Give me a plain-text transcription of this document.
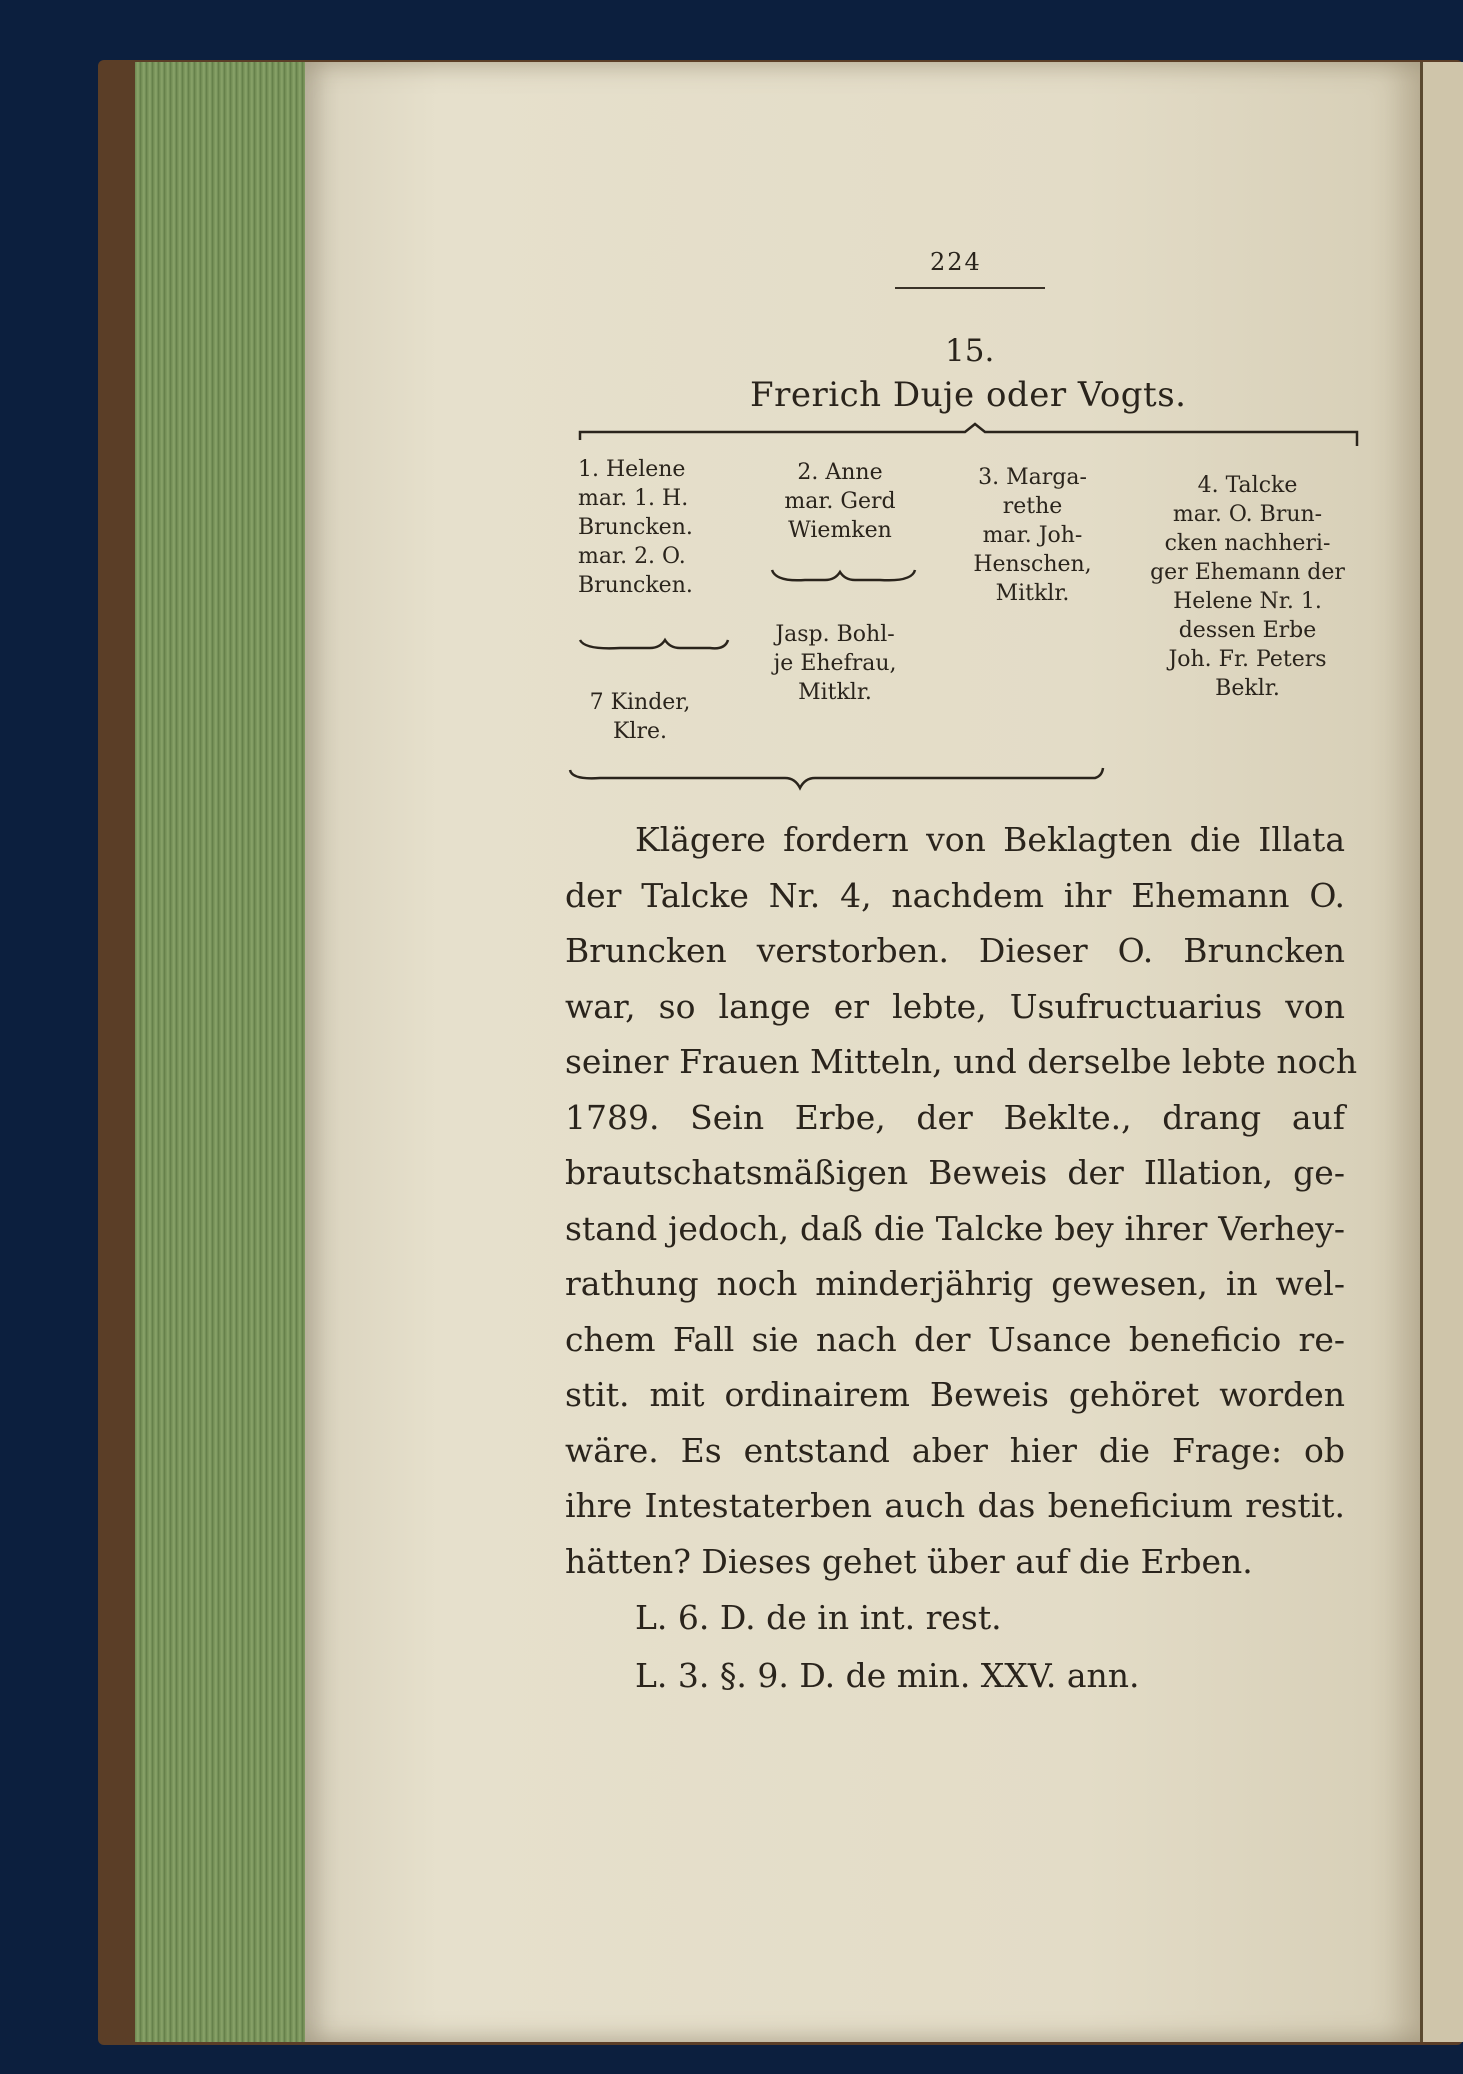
224
15.
Frerich Duje oder Vogts.
1. Helene
mar. 1. H.
Bruncken.
mar. 2. O.
Bruncken.
7 Kinder,
Klre.
2. Anne
mar. Gerd
Wiemken
Jasp. Bohl-
je Ehefrau,
Mitklr.
3. Marga-
rethe
mar. Joh-
Henschen,
Mitklr.
4. Talcke
mar. O. Brun-
cken nachheri-
ger Ehemann der
Helene Nr. 1.
dessen Erbe
Joh. Fr. Peters
Beklr.
Klägere fordern von Beklagten die Illata
der Talcke Nr. 4, nachdem ihr Ehemann O.
Bruncken verstorben. Dieser O. Bruncken
war, so lange er lebte, Usufructuarius von
seiner Frauen Mitteln, und derselbe lebte noch
1789. Sein Erbe, der Beklte., drang auf
brautschatsmäßigen Beweis der Illation, ge-
stand jedoch, daß die Talcke bey ihrer Verhey-
rathung noch minderjährig gewesen, in wel-
chem Fall sie nach der Usance beneficio re-
stit. mit ordinairem Beweis gehöret worden
wäre. Es entstand aber hier die Frage: ob
ihre Intestaterben auch das beneficium restit.
hätten? Dieses gehet über auf die Erben.
L. 6. D. de in int. rest.
L. 3. §. 9. D. de min. XXV. ann.
